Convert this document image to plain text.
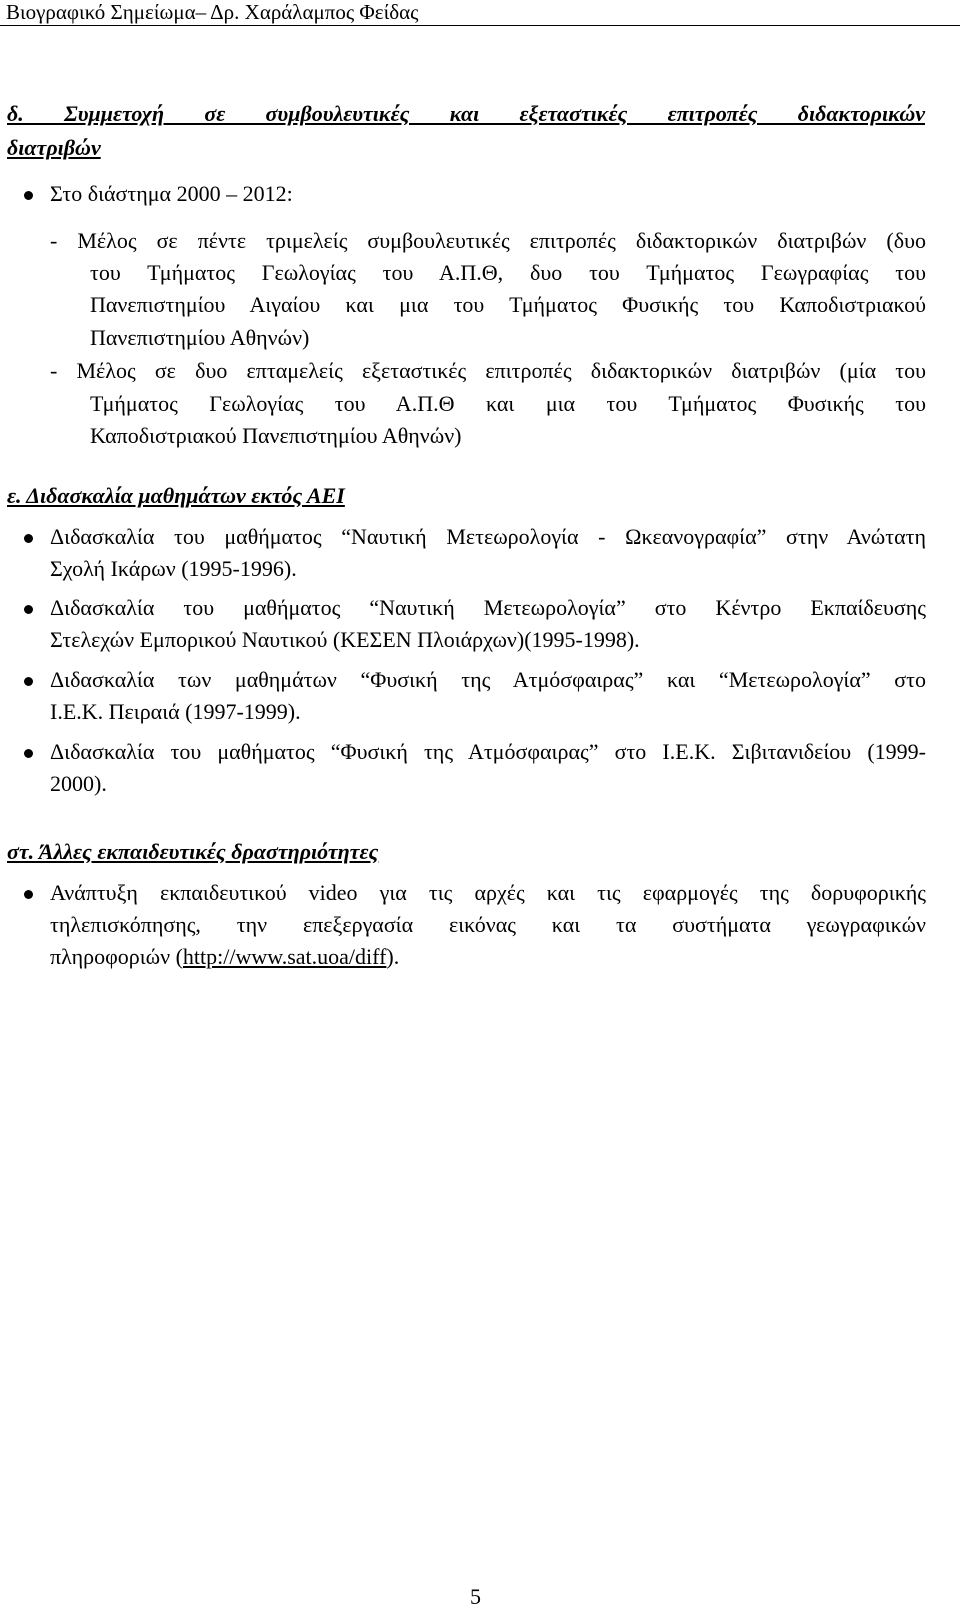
Βιογραφικό Σημείωμα– Δρ. Χαράλαμπος Φείδας
δ. Συμμετοχή σε συμβουλευτικές και εξεταστικές επιτροπές διδακτορικών
διατριβών
Στο διάστημα 2000 – 2012:
- Μέλος σε πέντε τριμελείς συμβουλευτικές επιτροπές διδακτορικών διατριβών (δυο
του Τμήματος Γεωλογίας του Α.Π.Θ, δυο του Τμήματος Γεωγραφίας του
Πανεπιστημίου Αιγαίου και μια του Τμήματος Φυσικής του Καποδιστριακού
Πανεπιστημίου Αθηνών)
- Μέλος σε δυο επταμελείς εξεταστικές επιτροπές διδακτορικών διατριβών (μία του
Τμήματος Γεωλογίας του Α.Π.Θ και μια του Τμήματος Φυσικής του
Καποδιστριακού Πανεπιστημίου Αθηνών)
ε. Διδασκαλία μαθημάτων εκτός ΑΕΙ
Διδασκαλία του μαθήματος “Ναυτική Μετεωρολογία - Ωκεανογραφία” στην Ανώτατη
Σχολή Ικάρων (1995-1996).
Διδασκαλία του μαθήματος “Ναυτική Μετεωρολογία” στο Κέντρο Εκπαίδευσης
Στελεχών Εμπορικού Ναυτικού (ΚΕΣΕΝ Πλοιάρχων)(1995-1998).
Διδασκαλία των μαθημάτων “Φυσική της Ατμόσφαιρας” και “Μετεωρολογία” στο
Ι.Ε.Κ. Πειραιά (1997-1999).
Διδασκαλία του μαθήματος “Φυσική της Ατμόσφαιρας” στο Ι.Ε.Κ. Σιβιτανιδείου (1999-
2000).
στ. Άλλες εκπαιδευτικές δραστηριότητες
Ανάπτυξη εκπαιδευτικού video για τις αρχές και τις εφαρμογές της δορυφορικής
τηλεπισκόπησης, την επεξεργασία εικόνας και τα συστήματα γεωγραφικών
πληροφοριών (http://www.sat.uoa/diff).
5
